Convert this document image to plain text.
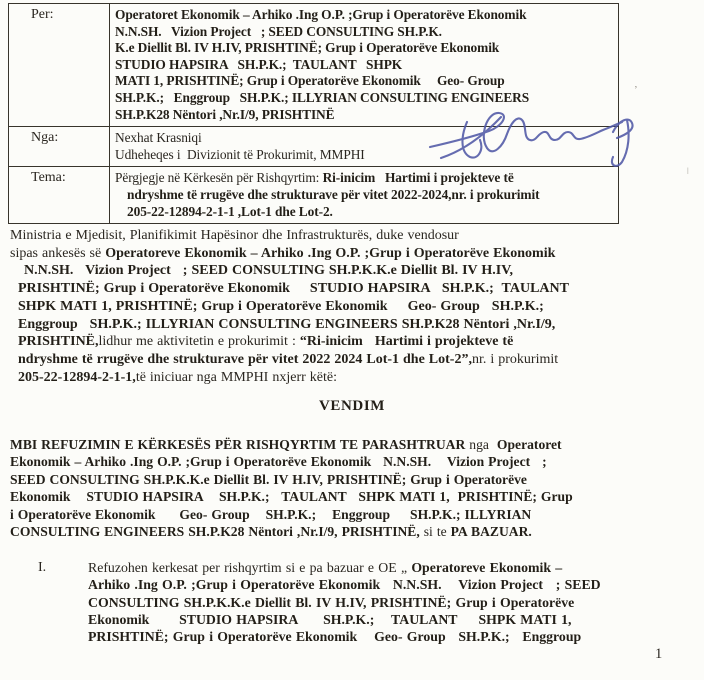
Per:	Operatoret Ekonomik – Arhiko .Ing O.P. ;Grup i Operatorëve Ekonomik
N.N.SH.   Vizion Project   ; SEED CONSULTING SH.P.K.
K.e Diellit Bl. IV H.IV, PRISHTINË; Grup i Operatorëve Ekonomik
STUDIO HAPSIRA   SH.P.K.;  TAULANT   SHPK
MATI 1, PRISHTINË; Grup i Operatorëve Ekonomik     Geo- Group
SH.P.K.;   Enggroup   SH.P.K.; ILLYRIAN CONSULTING ENGINEERS
SH.P.K28 Nëntori ,Nr.I/9, PRISHTINË
Nga:	Nexhat Krasniqi
Udheheqes i  Divizionit të Prokurimit, MMPHI
Tema:	Përgjegje në Kërkesën për Rishqyrtim: Ri-inicim   Hartimi i projekteve të
ndryshme të rrugëve dhe strukturave për vitet 2022-2024,nr. i prokurimit
205-22-12894-2-1-1 ,Lot-1 dhe Lot-2.
Ministria e Mjedisit, Planifikimit Hapësinor dhe Infrastrukturës, duke vendosur
sipas ankesës së Operatoreve Ekonomik – Arhiko .Ing O.P. ;Grup i Operatorëve Ekonomik
N.N.SH.   Vizion Project   ; SEED CONSULTING SH.P.K.K.e Diellit Bl. IV H.IV,
PRISHTINË; Grup i Operatorëve Ekonomik     STUDIO HAPSIRA   SH.P.K.;  TAULANT
SHPK MATI 1, PRISHTINË; Grup i Operatorëve Ekonomik     Geo- Group   SH.P.K.;
Enggroup   SH.P.K.; ILLYRIAN CONSULTING ENGINEERS SH.P.K28 Nëntori ,Nr.I/9,
PRISHTINË,lidhur me aktivitetin e prokurimit : “Ri-inicim   Hartimi i projekteve të
ndryshme të rrugëve dhe strukturave për vitet 2022 2024 Lot-1 dhe Lot-2”,nr. i prokurimit
205-22-12894-2-1-1,të iniciuar nga MMPHI nxjerr këtë:
VENDIM
MBI REFUZIMIN E KËRKESËS PËR RISHQYRTIM TE PARASHTRUAR nga  Operatoret
Ekonomik – Arhiko .Ing O.P. ;Grup i Operatorëve Ekonomik   N.N.SH.    Vizion Project   ;
SEED CONSULTING SH.P.K.K.e Diellit Bl. IV H.IV, PRISHTINË; Grup i Operatorëve
Ekonomik    STUDIO HAPSIRA    SH.P.K.;   TAULANT   SHPK MATI 1,  PRISHTINË; Grup
i Operatorëve Ekonomik      Geo- Group    SH.P.K.;    Enggroup     SH.P.K.; ILLYRIAN
CONSULTING ENGINEERS SH.P.K28 Nëntori ,Nr.I/9, PRISHTINË, si te PA BAZUAR.
I.	Refuzohen kerkesat per rishqyrtim si e pa bazuar e OE „ Operatoreve Ekonomik –
Arhiko .Ing O.P. ;Grup i Operatorëve Ekonomik   N.N.SH.    Vizion Project   ; SEED
CONSULTING SH.P.K.K.e Diellit Bl. IV H.IV, PRISHTINË; Grup i Operatorëve
Ekonomik       STUDIO HAPSIRA      SH.P.K.;    TAULANT     SHPK MATI 1,
PRISHTINË; Grup i Operatorëve Ekonomik    Geo- Group   SH.P.K.;   Enggroup
1
’
ǀ
